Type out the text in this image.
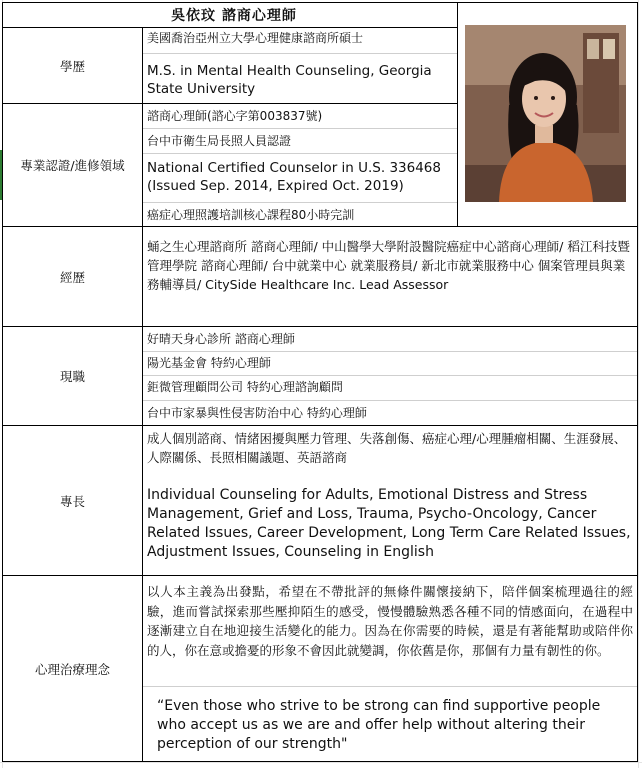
吳依玟 諮商心理師
學歷
美國喬治亞州立大學心理健康諮商所碩士
M.S. in Mental Health Counseling, Georgia State University
專業認證/進修領域
諮商心理師(諮心字第003837號)
台中市衛生局長照人員認證
National Certified Counselor in U.S. 336468 (Issued Sep. 2014, Expired Oct. 2019)
癌症心理照護培訓核心課程80小時完訓
經歷
蛹之生心理諮商所 諮商心理師/ 中山醫學大學附設醫院癌症中心諮商心理師/ 稻江科技暨管理學院 諮商心理師/ 台中就業中心 就業服務員/ 新北市就業服務中心 個案管理員與業務輔導員/ CitySide Healthcare Inc. Lead Assessor
現職
好晴天身心診所 諮商心理師
陽光基金會 特約心理師
鉅微管理顧問公司 特約心理諮詢顧問
台中市家暴與性侵害防治中心 特約心理師
專長
成人個別諮商、情緒困擾與壓力管理、失落創傷、癌症心理/心理腫瘤相關、生涯發展、人際關係、長照相關議題、英語諮商
Individual Counseling for Adults, Emotional Distress and Stress Management, Grief and Loss, Trauma, Psycho-Oncology, Cancer Related Issues, Career Development, Long Term Care Related Issues, Adjustment Issues, Counseling in English
心理治療理念
以人本主義為出發點，希望在不帶批評的無條件關懷接納下，陪伴個案梳理過往的經驗，進而嘗試探索那些壓抑陌生的感受，慢慢體驗熟悉各種不同的情感面向，在過程中逐漸建立自在地迎接生活變化的能力。因為在你需要的時候，還是有著能幫助或陪伴你的人，你在意或擔憂的形象不會因此就變調，你依舊是你，那個有力量有韌性的你。
“Even those who strive to be strong can find supportive people who accept us as we are and offer help without altering their perception of our strength"
